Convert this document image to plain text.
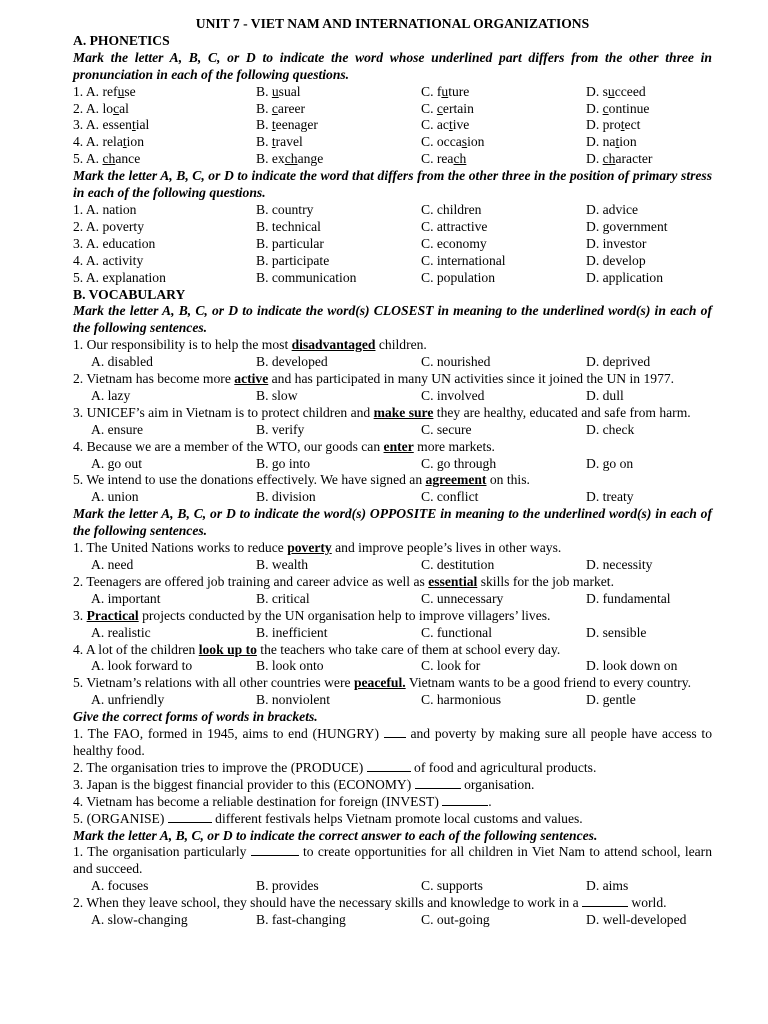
UNIT 7 - VIET NAM AND INTERNATIONAL ORGANIZATIONS
A. PHONETICS
Mark the letter A, B, C, or D to indicate the word whose underlined part differs from the other three in pronunciation in each of the following questions.
1. A. refuse	B. usual	C. future	D. succeed
2. A. local	B. career	C. certain	D. continue
3. A. essential	B. teenager	C. active	D. protect
4. A. relation	B. travel	C. occasion	D. nation
5. A. chance	B. exchange	C. reach	D. character
Mark the letter A, B, C, or D to indicate the word that differs from the other three in the position of primary stress in each of the following questions.
1. A. nation	B. country	C. children	D. advice
2. A. poverty	B. technical	C. attractive	D. government
3. A. education	B. particular	C. economy	D. investor
4. A. activity	B. participate	C. international	D. develop
5. A. explanation	B. communication	C. population	D. application
B. VOCABULARY
Mark the letter A, B, C, or D to indicate the word(s) CLOSEST in meaning to the underlined word(s) in each of the following sentences.
1. Our responsibility is to help the most disadvantaged children.
A. disabled	B. developed	C. nourished	D. deprived
2. Vietnam has become more active and has participated in many UN activities since it joined the UN in 1977.
A. lazy	B. slow	C. involved	D. dull
3. UNICEF’s aim in Vietnam is to protect children and make sure they are healthy, educated and safe from harm.
A. ensure	B. verify	C. secure	D. check
4. Because we are a member of the WTO, our goods can enter more markets.
A. go out	B. go into	C. go through	D. go on
5. We intend to use the donations effectively. We have signed an agreement on this.
A. union	B. division	C. conflict	D. treaty
Mark the letter A, B, C, or D to indicate the word(s) OPPOSITE in meaning to the underlined word(s) in each of the following sentences.
1. The United Nations works to reduce poverty and improve people’s lives in other ways.
A. need	B. wealth	C. destitution	D. necessity
2. Teenagers are offered job training and career advice as well as essential skills for the job market.
A. important	B. critical	C. unnecessary	D. fundamental
3. Practical projects conducted by the UN organisation help to improve villagers’ lives.
A. realistic	B. inefficient	C. functional	D. sensible
4. A lot of the children look up to the teachers who take care of them at school every day.
A. look forward to	B. look onto	C. look for	D. look down on
5. Vietnam’s relations with all other countries were peaceful. Vietnam wants to be a good friend to every country.
A. unfriendly	B. nonviolent	C. harmonious	D. gentle
Give the correct forms of words in brackets.
1. The FAO, formed in 1945, aims to end (HUNGRY)  and poverty by making sure all people have access to healthy food.
2. The organisation tries to improve the (PRODUCE)	of food and agricultural products.
3. Japan is the biggest financial provider to this (ECONOMY)	organisation.
4. Vietnam has become a reliable destination for foreign (INVEST)	.
5. (ORGANISE)	different festivals helps Vietnam promote local customs and values.
Mark the letter A, B, C, or D to indicate the correct answer to each of the following sentences.
1. The organisation particularly	to create opportunities for all children in Viet Nam to attend school, learn and succeed.
A. focuses	B. provides	C. supports	D. aims
2. When they leave school, they should have the necessary skills and knowledge to work in a	world.
A. slow-changing	B. fast-changing	C. out-going	D. well-developed
